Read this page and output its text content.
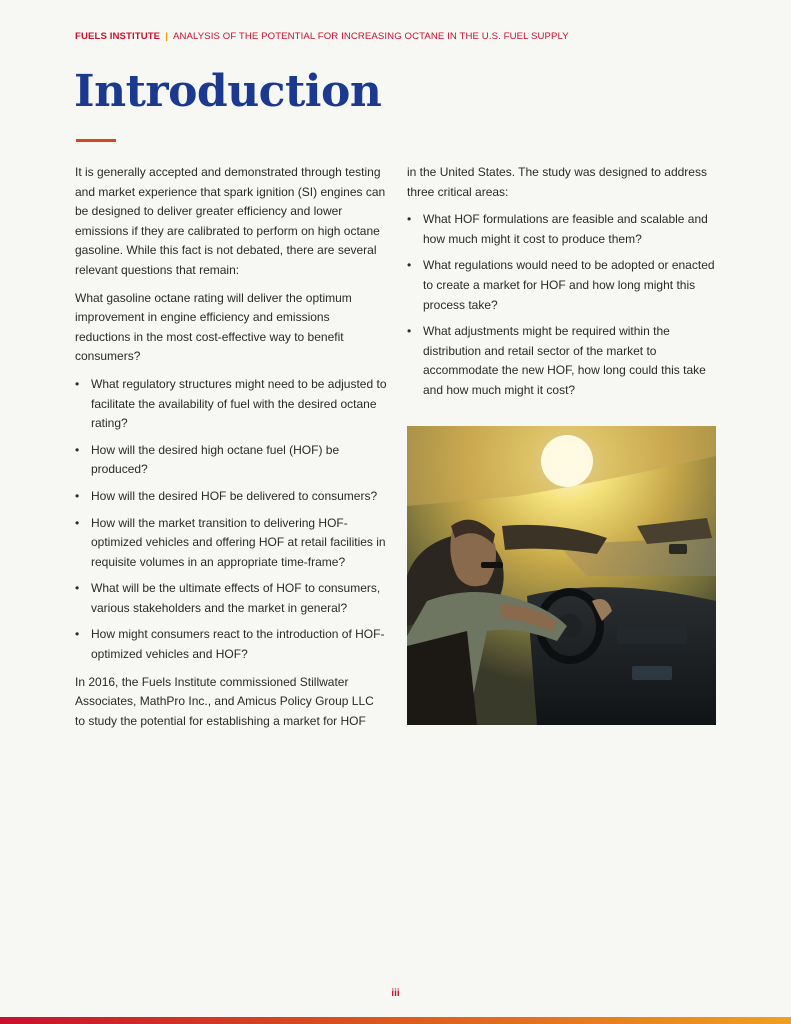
FUELS INSTITUTE | ANALYSIS OF THE POTENTIAL FOR INCREASING OCTANE IN THE U.S. FUEL SUPPLY
Introduction

It is generally accepted and demonstrated through testing and market experience that spark ignition (SI) engines can be designed to deliver greater efficiency and lower emissions if they are calibrated to perform on high octane gasoline. While this fact is not debated, there are several relevant questions that remain:

What gasoline octane rating will deliver the optimum improvement in engine efficiency and emissions reductions in the most cost-effective way to benefit consumers?

• What regulatory structures might need to be adjusted to facilitate the availability of fuel with the desired octane rating?
• How will the desired high octane fuel (HOF) be produced?
• How will the desired HOF be delivered to consumers?
• How will the market transition to delivering HOF-optimized vehicles and offering HOF at retail facilities in requisite volumes in an appropriate time-frame?
• What will be the ultimate effects of HOF to consumers, various stakeholders and the market in general?
• How might consumers react to the introduction of HOF-optimized vehicles and HOF?

In 2016, the Fuels Institute commissioned Stillwater Associates, MathPro Inc., and Amicus Policy Group LLC to study the potential for establishing a market for HOF

in the United States. The study was designed to address three critical areas:

• What HOF formulations are feasible and scalable and how much might it cost to produce them?
• What regulations would need to be adopted or enacted to create a market for HOF and how long might this process take?
• What adjustments might be required within the distribution and retail sector of the market to accommodate the new HOF, how long could this take and how much might it cost?
iii
